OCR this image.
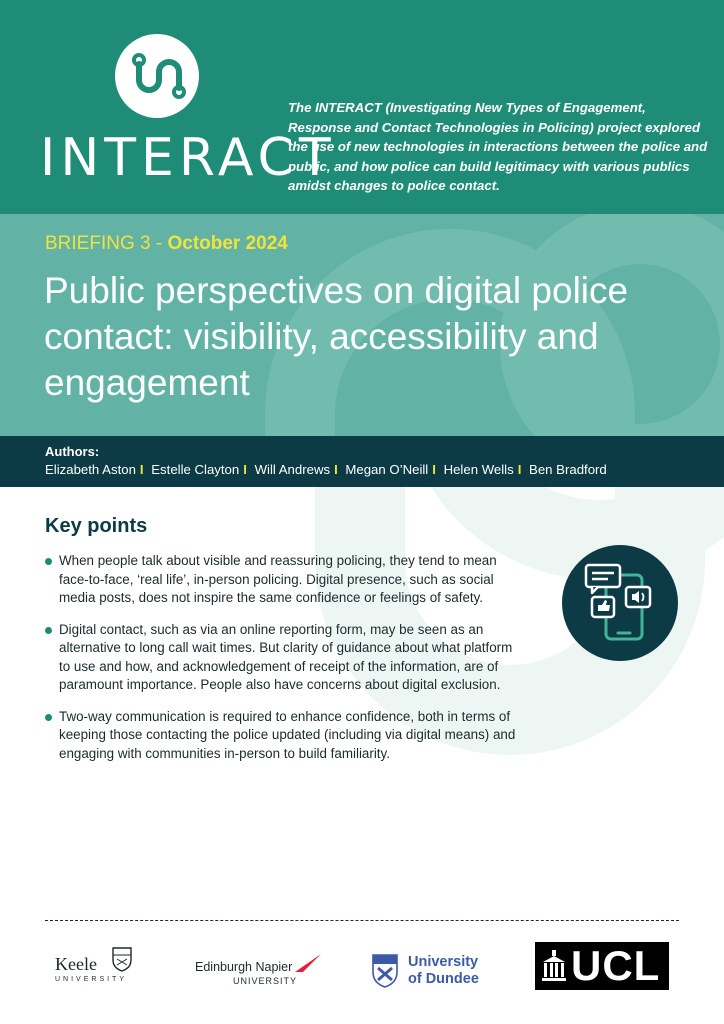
INTERACT
The INTERACT (Investigating New Types of Engagement, Response and Contact Technologies in Policing) project explored the use of new technologies in interactions between the police and public, and how police can build legitimacy with various publics amidst changes to police contact.
BRIEFING 3 - October 2024
Public perspectives on digital police contact: visibility, accessibility and engagement
Authors:
Elizabeth Aston I Estelle Clayton I Will Andrews I Megan O’Neill I Helen Wells I Ben Bradford
Key points
When people talk about visible and reassuring policing, they tend to mean face-to-face, ‘real life’, in-person policing. Digital presence, such as social media posts, does not inspire the same confidence or feelings of safety.
Digital contact, such as via an online reporting form, may be seen as an alternative to long call wait times. But clarity of guidance about what platform to use and how, and acknowledgement of receipt of the information, are of paramount importance. People also have concerns about digital exclusion.
Two-way communication is required to enhance confidence, both in terms of keeping those contacting the police updated (including via digital means) and engaging with communities in-person to build familiarity.
Keele
UNIVERSITY
Edinburgh Napier
UNIVERSITY
University
of Dundee UCL
